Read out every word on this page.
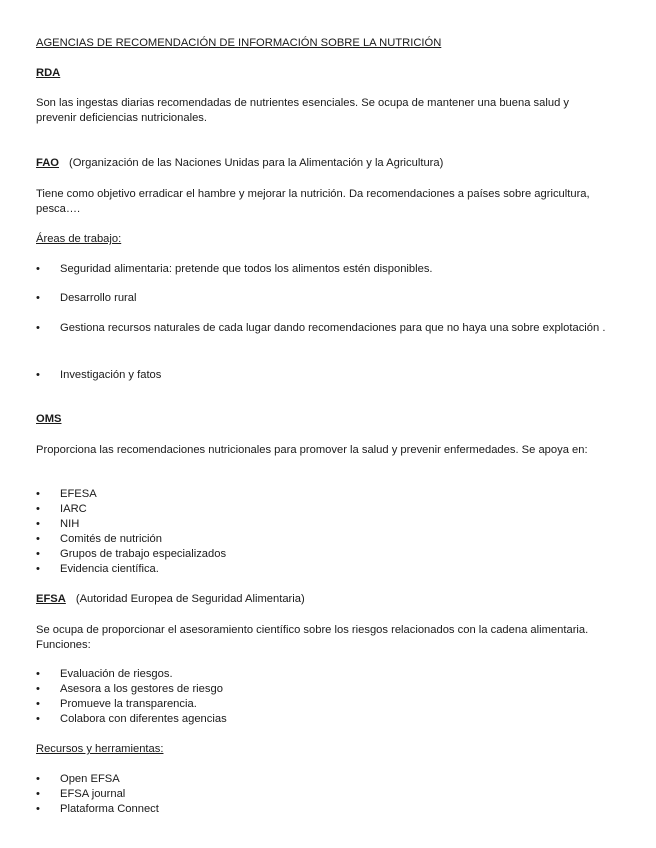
AGENCIAS DE RECOMENDACIÓN DE INFORMACIÓN SOBRE LA NUTRICIÓN

RDA

Son las ingestas diarias recomendadas de nutrientes esenciales. Se ocupa de mantener una buena salud y prevenir deficiencias nutricionales.

FAO (Organización de las Naciones Unidas para la Alimentación y la Agricultura)

Tiene como objetivo erradicar el hambre y mejorar la nutrición. Da recomendaciones a países sobre agricultura, pesca….

Áreas de trabajo:

• Seguridad alimentaria: pretende que todos los alimentos estén disponibles.
• Desarrollo rural
• Gestiona recursos naturales de cada lugar dando recomendaciones para que no haya una sobre explotación .
• Investigación y fatos

OMS

Proporciona las recomendaciones nutricionales para promover la salud y prevenir enfermedades. Se apoya en:

• EFESA
• IARC
• NIH
• Comités de nutrición
• Grupos de trabajo especializados
• Evidencia científica.

EFSA (Autoridad Europea de Seguridad Alimentaria)

Se ocupa de proporcionar el asesoramiento científico sobre los riesgos relacionados con la cadena alimentaria. Funciones:

• Evaluación de riesgos.
• Asesora a los gestores de riesgo
• Promueve la transparencia.
• Colabora con diferentes agencias

Recursos y herramientas:

• Open EFSA
• EFSA journal
• Plataforma Connect
